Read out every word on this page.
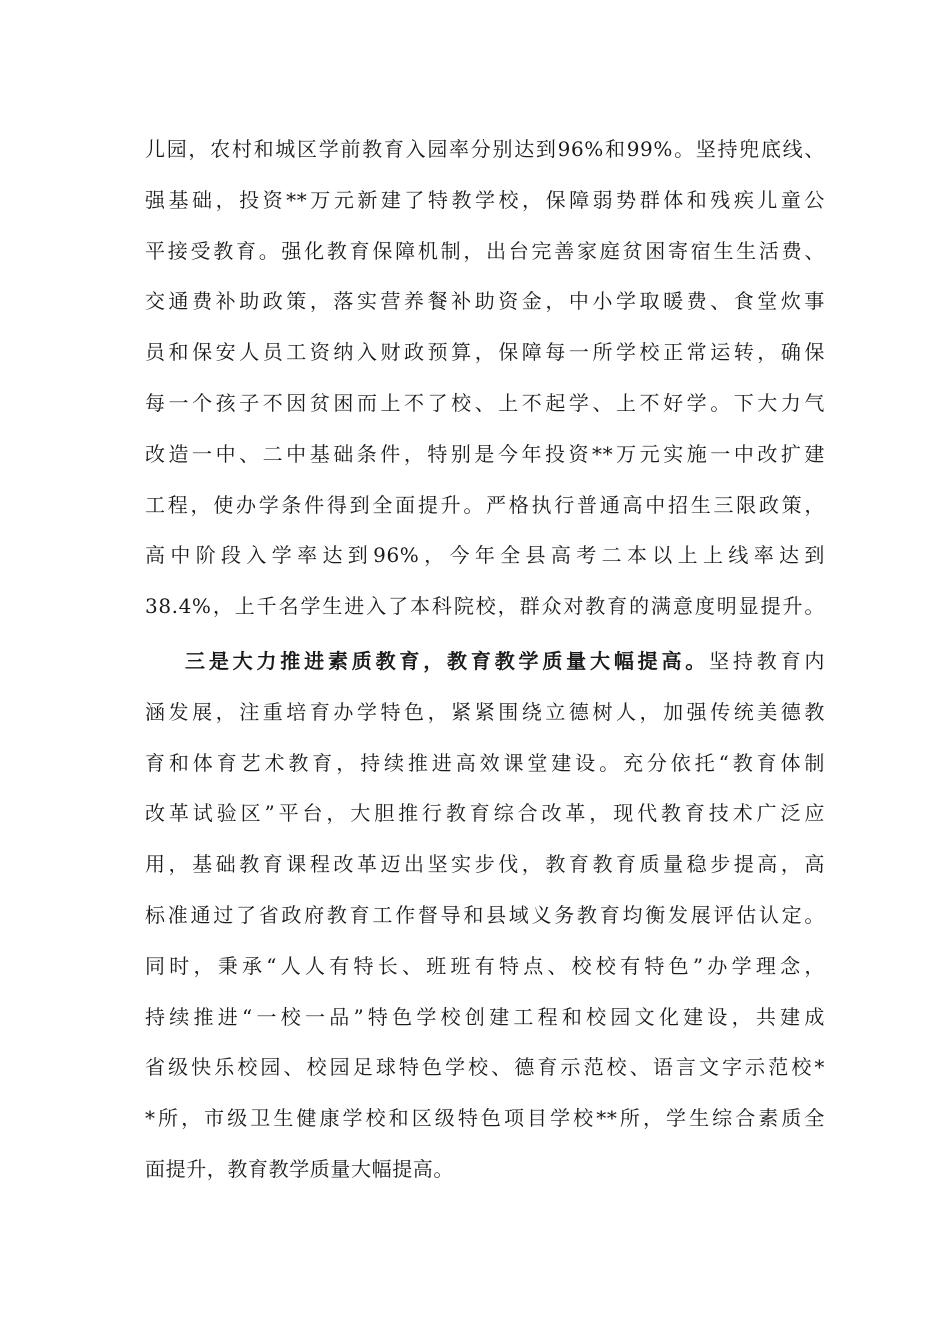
儿园，农村和城区学前教育入园率分别达到96%和99%。坚持兜底线、
强基础，投资**万元新建了特教学校，保障弱势群体和残疾儿童公
平接受教育。强化教育保障机制，出台完善家庭贫困寄宿生生活费、
交通费补助政策，落实营养餐补助资金，中小学取暖费、食堂炊事
员和保安人员工资纳入财政预算，保障每一所学校正常运转，确保
每一个孩子不因贫困而上不了校、上不起学、上不好学。下大力气
改造一中、二中基础条件，特别是今年投资**万元实施一中改扩建
工程，使办学条件得到全面提升。严格执行普通高中招生三限政策，
高中阶段入学率达到96%，今年全县高考二本以上上线率达到
38.4%，上千名学生进入了本科院校，群众对教育的满意度明显提升。
三是大力推进素质教育，教育教学质量大幅提高。坚持教育内
涵发展，注重培育办学特色，紧紧围绕立德树人，加强传统美德教
育和体育艺术教育，持续推进高效课堂建设。充分依托“教育体制
改革试验区”平台，大胆推行教育综合改革，现代教育技术广泛应
用，基础教育课程改革迈出坚实步伐，教育教育质量稳步提高，高
标准通过了省政府教育工作督导和县域义务教育均衡发展评估认定。
同时，秉承“人人有特长、班班有特点、校校有特色”办学理念，
持续推进“一校一品”特色学校创建工程和校园文化建设，共建成
省级快乐校园、校园足球特色学校、德育示范校、语言文字示范校*
*所，市级卫生健康学校和区级特色项目学校**所，学生综合素质全
面提升，教育教学质量大幅提高。
